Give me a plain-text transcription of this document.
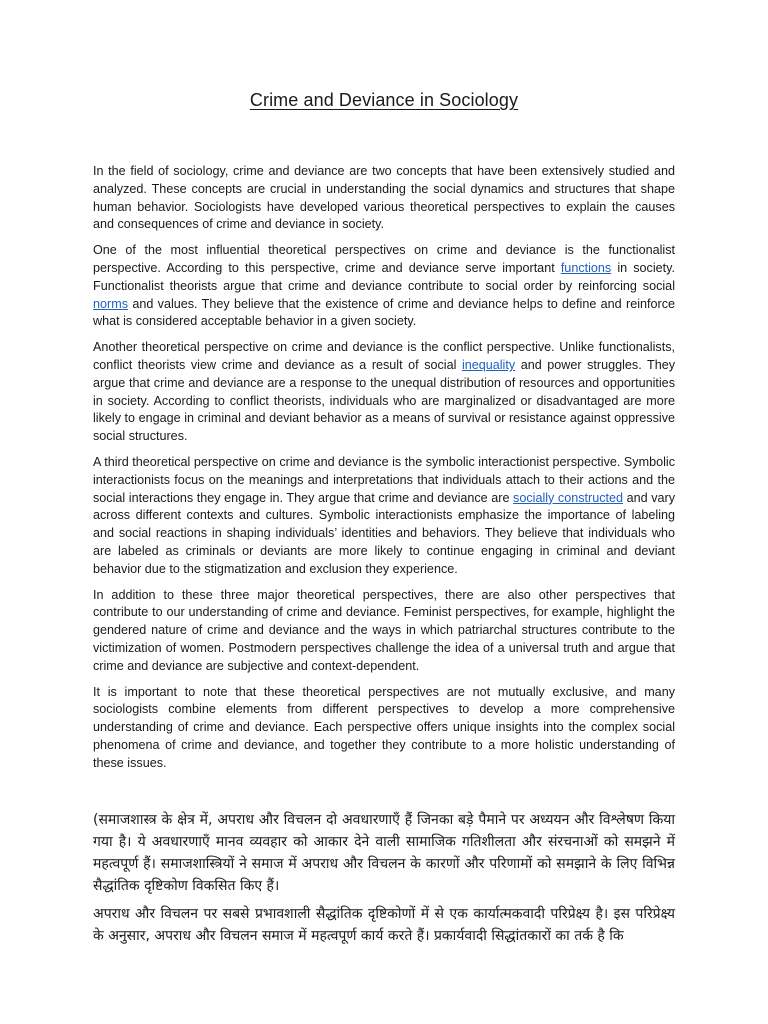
Crime and Deviance in Sociology

In the field of sociology, crime and deviance are two concepts that have been extensively studied and analyzed. These concepts are crucial in understanding the social dynamics and structures that shape human behavior. Sociologists have developed various theoretical perspectives to explain the causes and consequences of crime and deviance in society.

One of the most influential theoretical perspectives on crime and deviance is the functionalist perspective. According to this perspective, crime and deviance serve important functions in society. Functionalist theorists argue that crime and deviance contribute to social order by reinforcing social norms and values. They believe that the existence of crime and deviance helps to define and reinforce what is considered acceptable behavior in a given society.

Another theoretical perspective on crime and deviance is the conflict perspective. Unlike functionalists, conflict theorists view crime and deviance as a result of social inequality and power struggles. They argue that crime and deviance are a response to the unequal distribution of resources and opportunities in society. According to conflict theorists, individuals who are marginalized or disadvantaged are more likely to engage in criminal and deviant behavior as a means of survival or resistance against oppressive social structures.

A third theoretical perspective on crime and deviance is the symbolic interactionist perspective. Symbolic interactionists focus on the meanings and interpretations that individuals attach to their actions and the social interactions they engage in. They argue that crime and deviance are socially constructed and vary across different contexts and cultures. Symbolic interactionists emphasize the importance of labeling and social reactions in shaping individuals’ identities and behaviors. They believe that individuals who are labeled as criminals or deviants are more likely to continue engaging in criminal and deviant behavior due to the stigmatization and exclusion they experience.

In addition to these three major theoretical perspectives, there are also other perspectives that contribute to our understanding of crime and deviance. Feminist perspectives, for example, highlight the gendered nature of crime and deviance and the ways in which patriarchal structures contribute to the victimization of women. Postmodern perspectives challenge the idea of a universal truth and argue that crime and deviance are subjective and context-dependent.

It is important to note that these theoretical perspectives are not mutually exclusive, and many sociologists combine elements from different perspectives to develop a more comprehensive understanding of crime and deviance. Each perspective offers unique insights into the complex social phenomena of crime and deviance, and together they contribute to a more holistic understanding of these issues.

(समाजशास्त्र के क्षेत्र में, अपराध और विचलन दो अवधारणाएँ हैं जिनका बड़े पैमाने पर अध्ययन और विश्लेषण किया गया है। ये अवधारणाएँ मानव व्यवहार को आकार देने वाली सामाजिक गतिशीलता और संरचनाओं को समझने में महत्वपूर्ण हैं। समाजशास्त्रियों ने समाज में अपराध और विचलन के कारणों और परिणामों को समझाने के लिए विभिन्न सैद्धांतिक दृष्टिकोण विकसित किए हैं।

अपराध और विचलन पर सबसे प्रभावशाली सैद्धांतिक दृष्टिकोणों में से एक कार्यात्मकवादी परिप्रेक्ष्य है। इस परिप्रेक्ष्य के अनुसार, अपराध और विचलन समाज में महत्वपूर्ण कार्य करते हैं। प्रकार्यवादी सिद्धांतकारों का तर्क है कि
